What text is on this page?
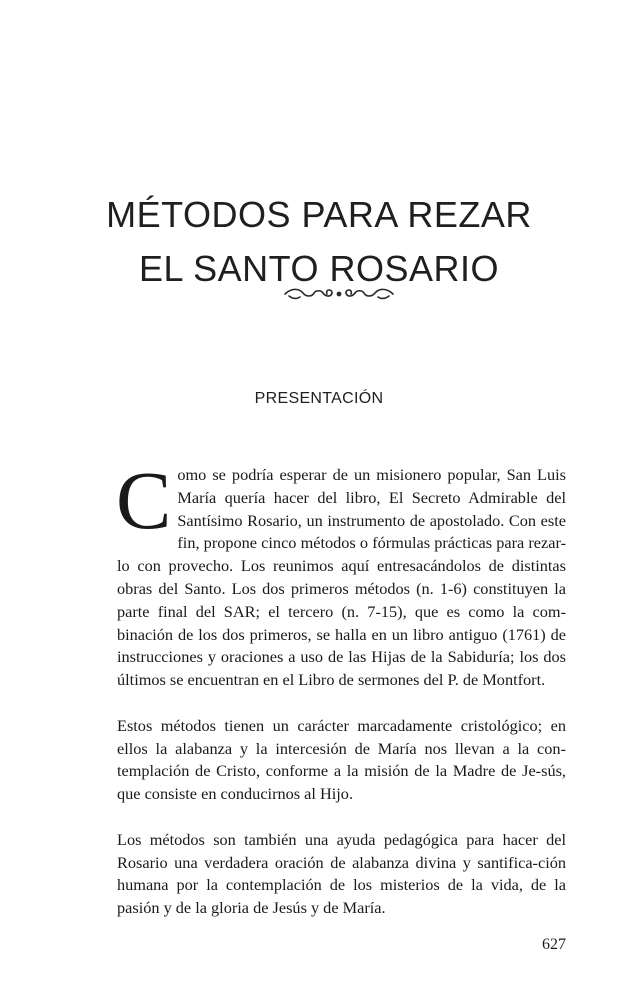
MÉTODOS PARA REZAR
EL SANTO ROSARIO
PRESENTACIÓN

Como se podría esperar de un misionero popular, San Luis María quería hacer del libro, El Secreto Admirable del Santísimo Rosario, un instrumento de apostolado. Con este fin, propone cinco métodos o fórmulas prácticas para rezar-lo con provecho. Los reunimos aquí entresacándolos de distintas obras del Santo. Los dos primeros métodos (n. 1-6) constituyen la parte final del SAR; el tercero (n. 7-15), que es como la com-binación de los dos primeros, se halla en un libro antiguo (1761) de instrucciones y oraciones a uso de las Hijas de la Sabiduría; los dos últimos se encuentran en el Libro de sermones del P. de Montfort.

Estos métodos tienen un carácter marcadamente cristológico; en ellos la alabanza y la intercesión de María nos llevan a la con-templación de Cristo, conforme a la misión de la Madre de Je-sús, que consiste en conducirnos al Hijo.

Los métodos son también una ayuda pedagógica para hacer del Rosario una verdadera oración de alabanza divina y santifica-ción humana por la contemplación de los misterios de la vida, de la pasión y de la gloria de Jesús y de María.

627
